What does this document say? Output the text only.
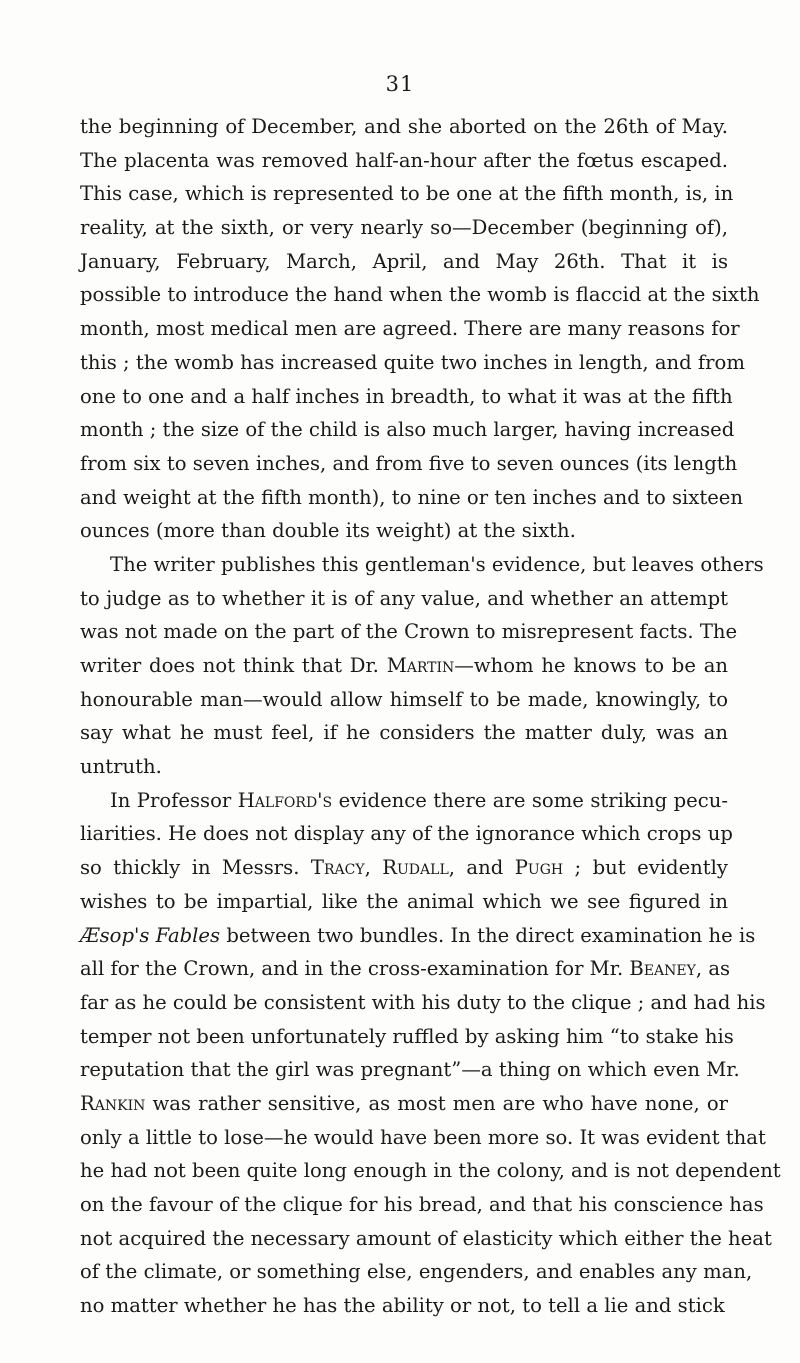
31
the beginning of December, and she aborted on the 26th of May.
The placenta was removed half-an-hour after the fœtus escaped.
This case, which is represented to be one at the fifth month, is, in
reality, at the sixth, or very nearly so—December (beginning of),
January, February, March, April, and May 26th. That it is
possible to introduce the hand when the womb is flaccid at the sixth
month, most medical men are agreed. There are many reasons for
this ; the womb has increased quite two inches in length, and from
one to one and a half inches in breadth, to what it was at the fifth
month ; the size of the child is also much larger, having increased
from six to seven inches, and from five to seven ounces (its length
and weight at the fifth month), to nine or ten inches and to sixteen
ounces (more than double its weight) at the sixth.
The writer publishes this gentleman's evidence, but leaves others
to judge as to whether it is of any value, and whether an attempt
was not made on the part of the Crown to misrepresent facts. The
writer does not think that Dr. Martin—whom he knows to be an
honourable man—would allow himself to be made, knowingly, to
say what he must feel, if he considers the matter duly, was an
untruth.
In Professor Halford's evidence there are some striking pecu-
liarities. He does not display any of the ignorance which crops up
so thickly in Messrs. Tracy, Rudall, and Pugh ; but evidently
wishes to be impartial, like the animal which we see figured in
Æsop's Fables between two bundles. In the direct examination he is
all for the Crown, and in the cross-examination for Mr. Beaney, as
far as he could be consistent with his duty to the clique ; and had his
temper not been unfortunately ruffled by asking him “to stake his
reputation that the girl was pregnant”—a thing on which even Mr.
Rankin was rather sensitive, as most men are who have none, or
only a little to lose—he would have been more so. It was evident that
he had not been quite long enough in the colony, and is not dependent
on the favour of the clique for his bread, and that his conscience has
not acquired the necessary amount of elasticity which either the heat
of the climate, or something else, engenders, and enables any man,
no matter whether he has the ability or not, to tell a lie and stick
